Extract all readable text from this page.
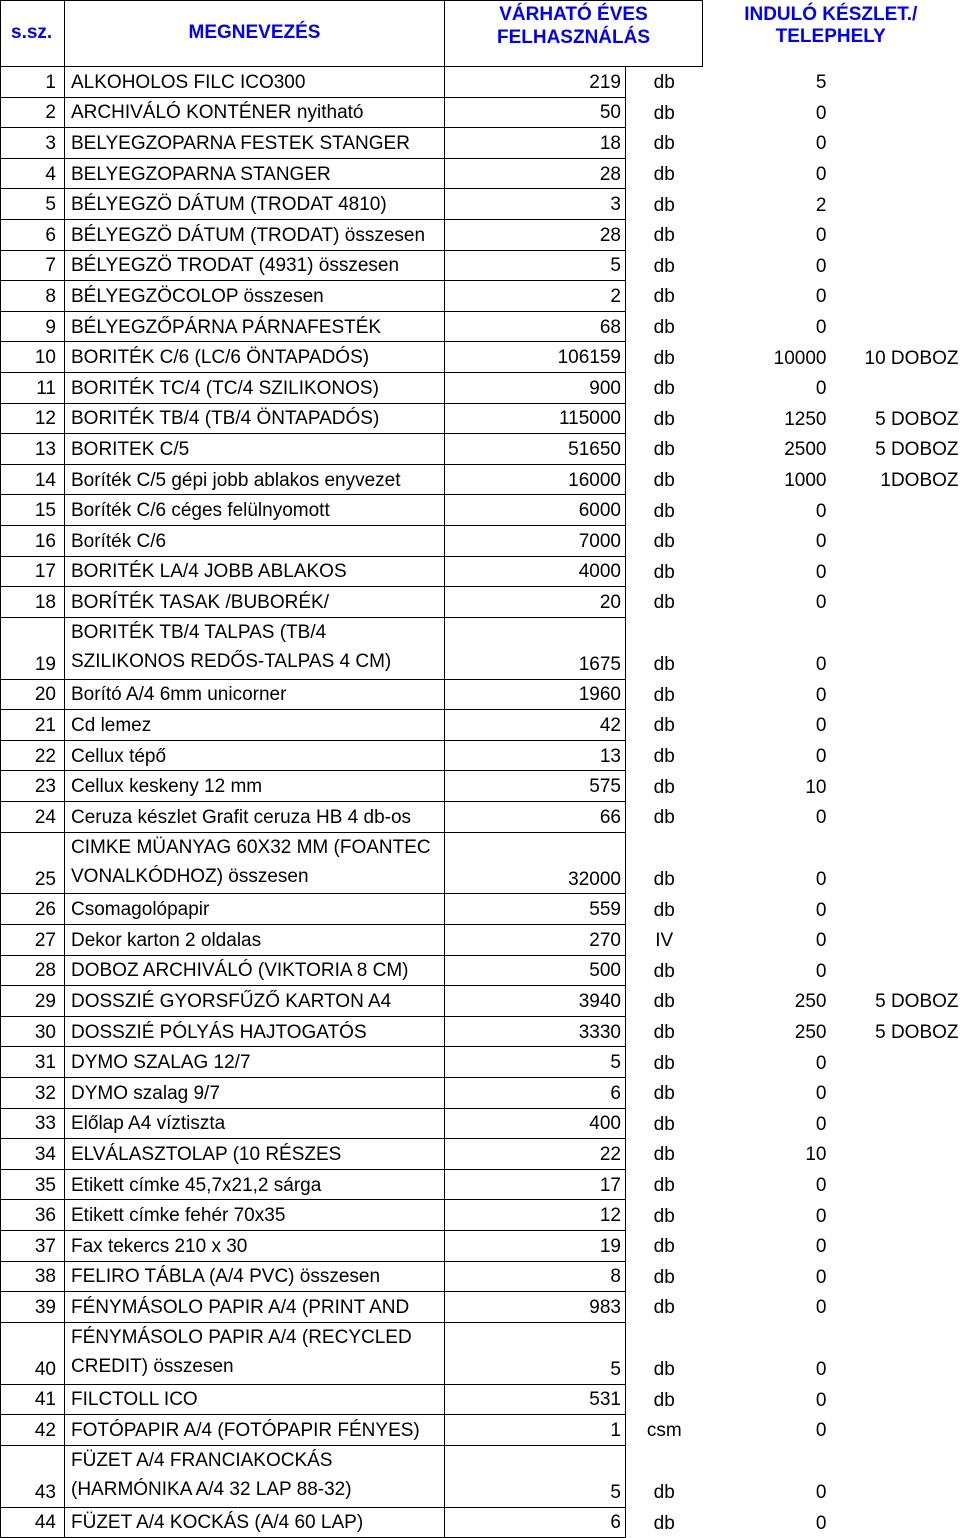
s.sz.	MEGNEVEZÉS	VÁRHATÓ ÉVES FELHASZNÁLÁS		INDULÓ KÉSZLET./ TELEPHELY	
1	ALKOHOLOS FILC ICO300	219	db	5	
2	ARCHIVÁLÓ KONTÉNER nyitható	50	db	0	
3	BELYEGZOPARNA FESTEK STANGER	18	db	0	
4	BELYEGZOPARNA STANGER	28	db	0	
5	BÉLYEGZÖ DÁTUM (TRODAT 4810)	3	db	2	
6	BÉLYEGZÖ DÁTUM (TRODAT) összesen	28	db	0	
7	BÉLYEGZÖ TRODAT (4931) összesen	5	db	0	
8	BÉLYEGZÖCOLOP összesen	2	db	0	
9	BÉLYEGZŐPÁRNA PÁRNAFESTÉK	68	db	0	
10	BORITÉK C/6 (LC/6 ÖNTAPADÓS)	106159	db	10000	10 DOBOZ
11	BORITÉK TC/4 (TC/4 SZILIKONOS)	900	db	0	
12	BORITÉK TB/4 (TB/4 ÖNTAPADÓS)	115000	db	1250	5 DOBOZ
13	BORITEK C/5	51650	db	2500	5 DOBOZ
14	Boríték C/5 gépi jobb ablakos enyvezet	16000	db	1000	1DOBOZ
15	Boríték C/6 céges felülnyomott	6000	db	0	
16	Boríték C/6	7000	db	0	
17	BORITÉK LA/4 JOBB ABLAKOS	4000	db	0	
18	BORÍTÉK TASAK /BUBORÉK/	20	db	0	
19	BORITÉK TB/4 TALPAS (TB/4 SZILIKONOS REDŐS-TALPAS 4 CM)	1675	db	0	
20	Borító A/4 6mm unicorner	1960	db	0	
21	Cd lemez	42	db	0	
22	Cellux tépő	13	db	0	
23	Cellux keskeny 12 mm	575	db	10	
24	Ceruza készlet Grafit ceruza HB 4 db-os	66	db	0	
25	CIMKE MÜANYAG 60X32 MM (FOANTEC VONALKÓDHOZ) összesen	32000	db	0	
26	Csomagolópapir	559	db	0	
27	Dekor karton 2 oldalas	270	IV	0	
28	DOBOZ ARCHIVÁLÓ (VIKTORIA 8 CM)	500	db	0	
29	DOSSZIÉ GYORSFŰZŐ KARTON A4	3940	db	250	5 DOBOZ
30	DOSSZIÉ PÓLYÁS HAJTOGATÓS	3330	db	250	5 DOBOZ
31	DYMO SZALAG 12/7	5	db	0	
32	DYMO szalag 9/7	6	db	0	
33	Előlap A4 víztiszta	400	db	0	
34	ELVÁLASZTOLAP (10 RÉSZES	22	db	10	
35	Etikett címke 45,7x21,2 sárga	17	db	0	
36	Etikett címke fehér 70x35	12	db	0	
37	Fax tekercs 210 x 30	19	db	0	
38	FELIRO TÁBLA (A/4 PVC) összesen	8	db	0	
39	FÉNYMÁSOLO PAPIR A/4 (PRINT AND	983	db	0	
40	FÉNYMÁSOLO PAPIR A/4 (RECYCLED CREDIT) összesen	5	db	0	
41	FILCTOLL ICO	531	db	0	
42	FOTÓPAPIR A/4 (FOTÓPAPIR FÉNYES)	1	csm	0	
43	FÜZET A/4 FRANCIAKOCKÁS (HARMÓNIKA A/4 32 LAP 88-32)	5	db	0	
44	FÜZET A/4 KOCKÁS (A/4 60 LAP)	6	db	0	
